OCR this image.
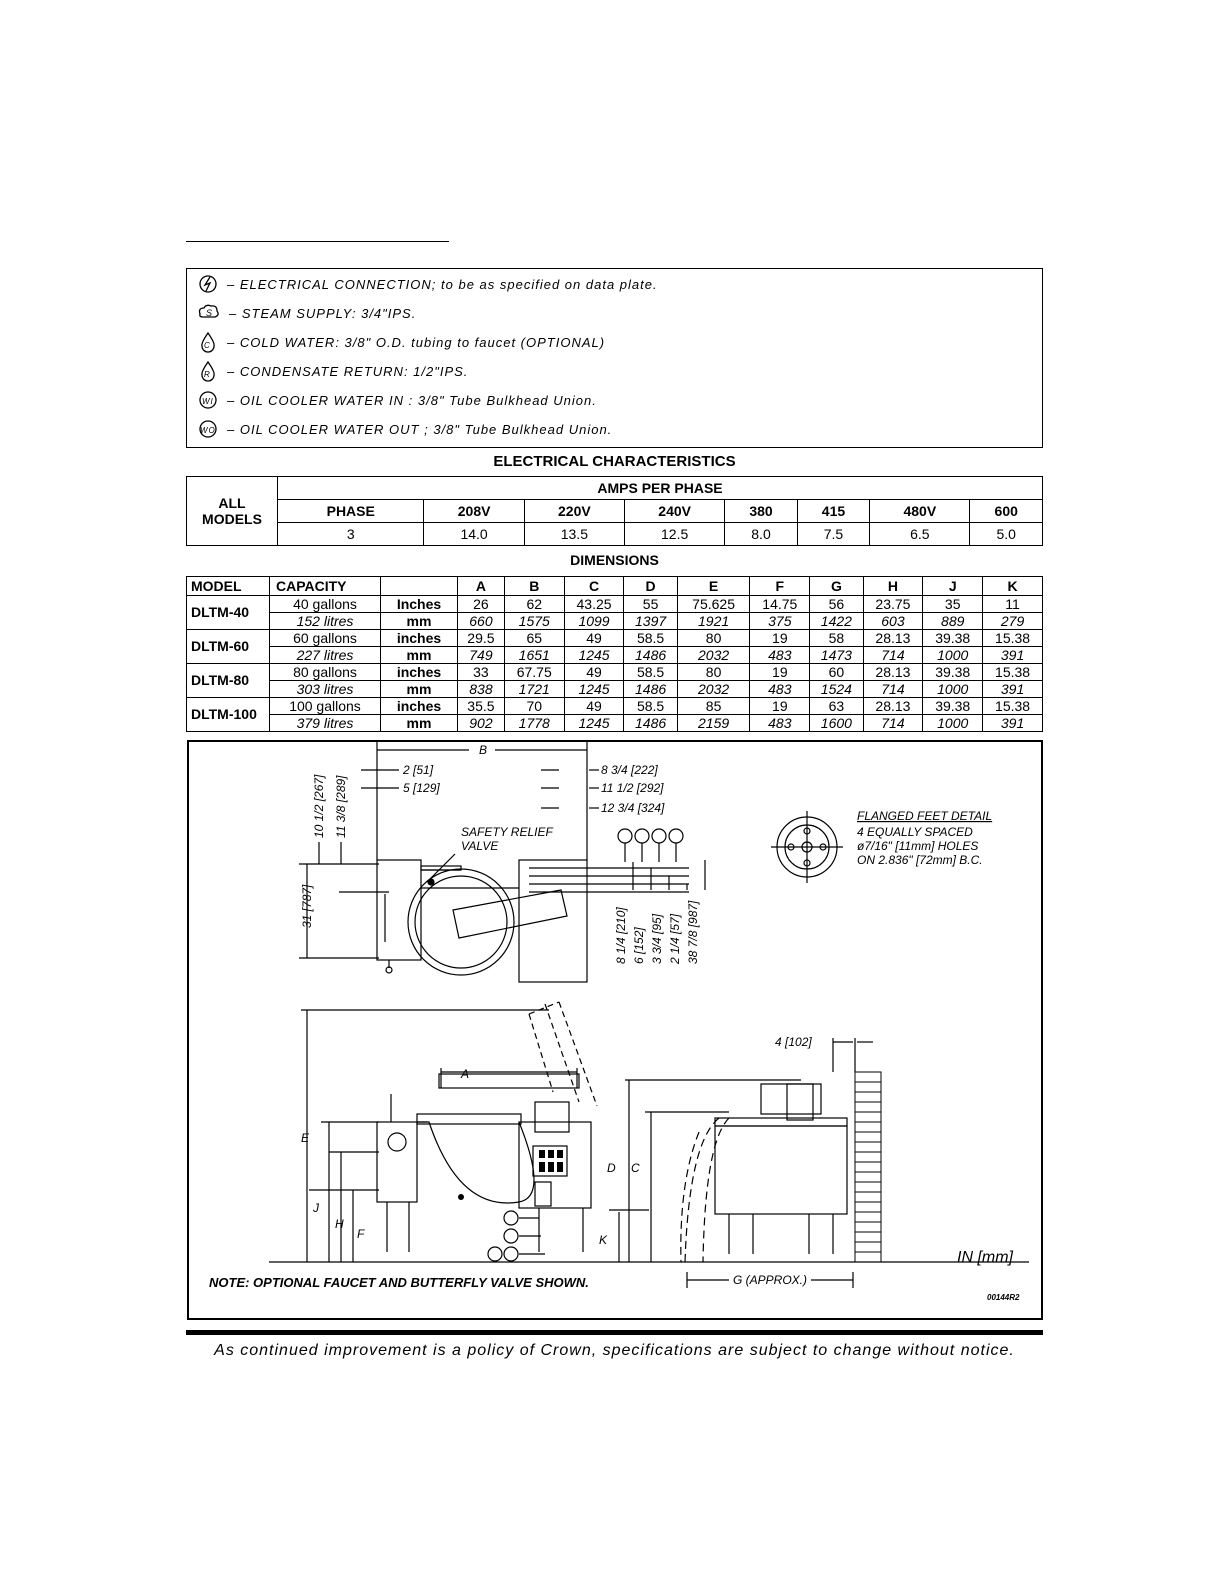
– ELECTRICAL CONNECTION; to be as specified on data plate.
S – STEAM SUPPLY: 3/4"IPS.
C – COLD WATER: 3/8" O.D. tubing to faucet (OPTIONAL)
R – CONDENSATE RETURN: 1/2"IPS.
WI – OIL COOLER WATER IN : 3/8" Tube Bulkhead Union.
WO – OIL COOLER WATER OUT ; 3/8" Tube Bulkhead Union.
ELECTRICAL CHARACTERISTICS
ALL MODELS	AMPS PER PHASE							
	PHASE	208V	220V	240V	380	415	480V	600
	3	14.0	13.5	12.5	8.0	7.5	6.5	5.0
DIMENSIONS
MODEL	CAPACITY		A	B	C	D	E	F	G	H	J	K
DLTM-40	40 gallons	Inches	26	62	43.25	55	75.625	14.75	56	23.75	35	11
	152 litres	mm	660	1575	1099	1397	1921	375	1422	603	889	279
DLTM-60	60 gallons	inches	29.5	65	49	58.5	80	19	58	28.13	39.38	15.38
	227 litres	mm	749	1651	1245	1486	2032	483	1473	714	1000	391
DLTM-80	80 gallons	inches	33	67.75	49	58.5	80	19	60	28.13	39.38	15.38
	303 litres	mm	838	1721	1245	1486	2032	483	1524	714	1000	391
DLTM-100	100 gallons	inches	35.5	70	49	58.5	85	19	63	28.13	39.38	15.38
	379 litres	mm	902	1778	1245	1486	2159	483	1600	714	1000	391
B
2 [51]
5 [129]
8 3/4 [222]
11 1/2 [292]
12 3/4 [324]
10 1/2 [267] 11 3/8 [289]
31 [787]
SAFETY RELIEF
VALVE
8 1/4 [210] 6 [152] 3 3/4 [95] 2 1/4 [57] 38 7/8 [987]
FLANGED FEET DETAIL
4 EQUALLY SPACED
ø7/16" [11mm] HOLES
ON 2.836" [72mm] B.C.
4 [102]
A
C
D
E
F
H
J
K
G (APPROX.)
IN [mm]
NOTE: OPTIONAL FAUCET AND BUTTERFLY VALVE SHOWN.
00144R2
As continued improvement is a policy of Crown, specifications are subject to change without notice.
